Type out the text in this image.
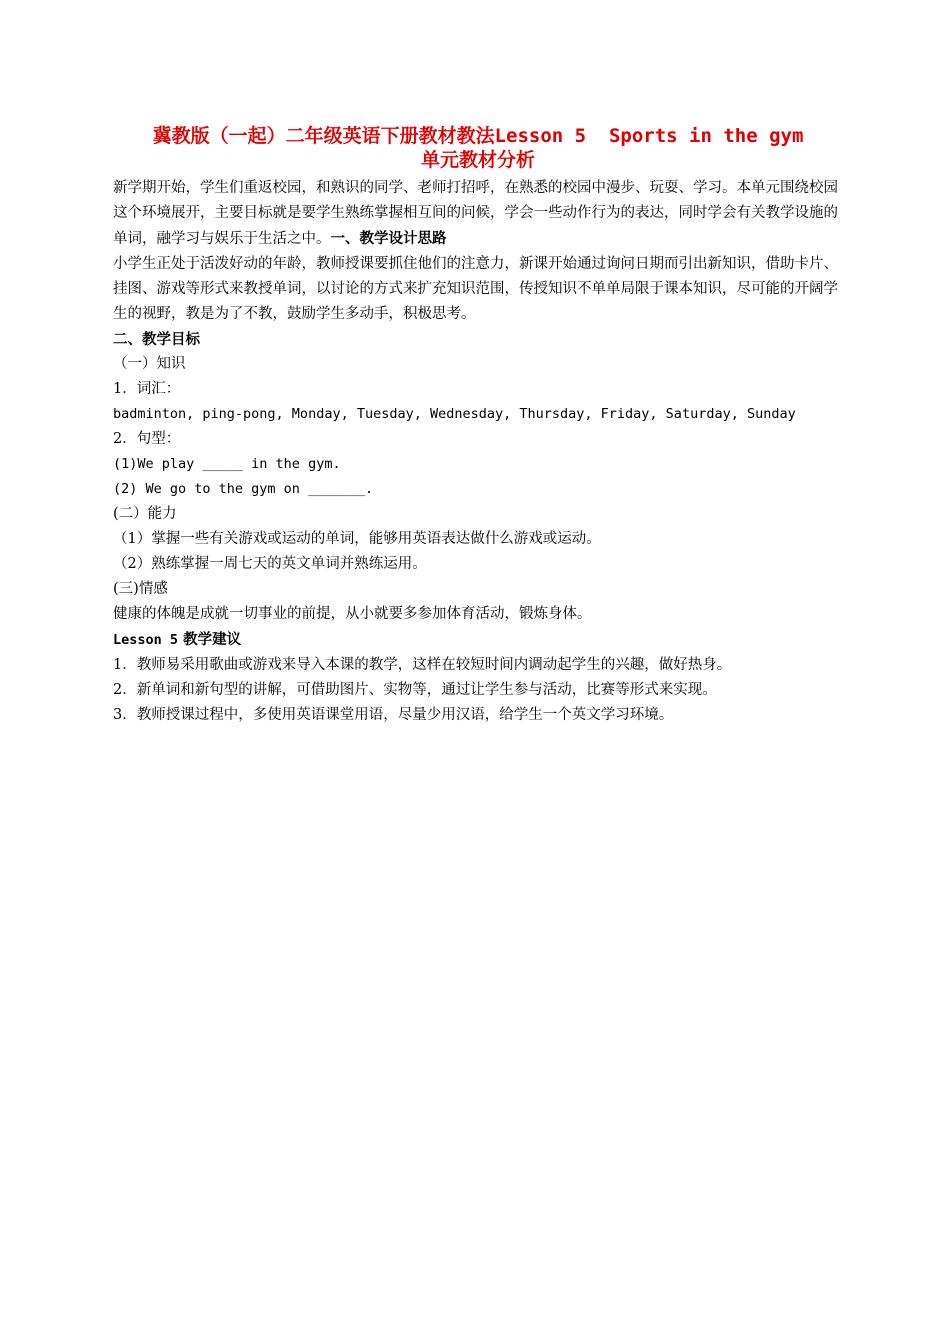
冀教版（一起）二年级英语下册教材教法Lesson 5  Sports in the gym
单元教材分析

新学期开始，学生们重返校园，和熟识的同学、老师打招呼，在熟悉的校园中漫步、玩耍、学习。本单元围绕校园这个环境展开，主要目标就是要学生熟练掌握相互间的问候，学会一些动作行为的表达，同时学会有关教学设施的单词，融学习与娱乐于生活之中。一、教学设计思路

小学生正处于活泼好动的年龄，教师授课要抓住他们的注意力，新课开始通过询问日期而引出新知识，借助卡片、挂图、游戏等形式来教授单词，以讨论的方式来扩充知识范围，传授知识不单单局限于课本知识，尽可能的开阔学生的视野，教是为了不教，鼓励学生多动手，积极思考。

二、教学目标

（一）知识

1．词汇：

badminton, ping-pong, Monday, Tuesday, Wednesday, Thursday, Friday, Saturday, Sunday

2．句型：

(1)We play _____ in the gym.

(2) We go to the gym on _______.

(二）能力

（1）掌握一些有关游戏或运动的单词，能够用英语表达做什么游戏或运动。

（2）熟练掌握一周七天的英文单词并熟练运用。

(三)情感

健康的体魄是成就一切事业的前提，从小就要多参加体育活动，锻炼身体。

Lesson 5 教学建议

1．教师易采用歌曲或游戏来导入本课的教学，这样在较短时间内调动起学生的兴趣，做好热身。

2．新单词和新句型的讲解，可借助图片、实物等，通过让学生参与活动，比赛等形式来实现。

3．教师授课过程中，多使用英语课堂用语，尽量少用汉语，给学生一个英文学习环境。
